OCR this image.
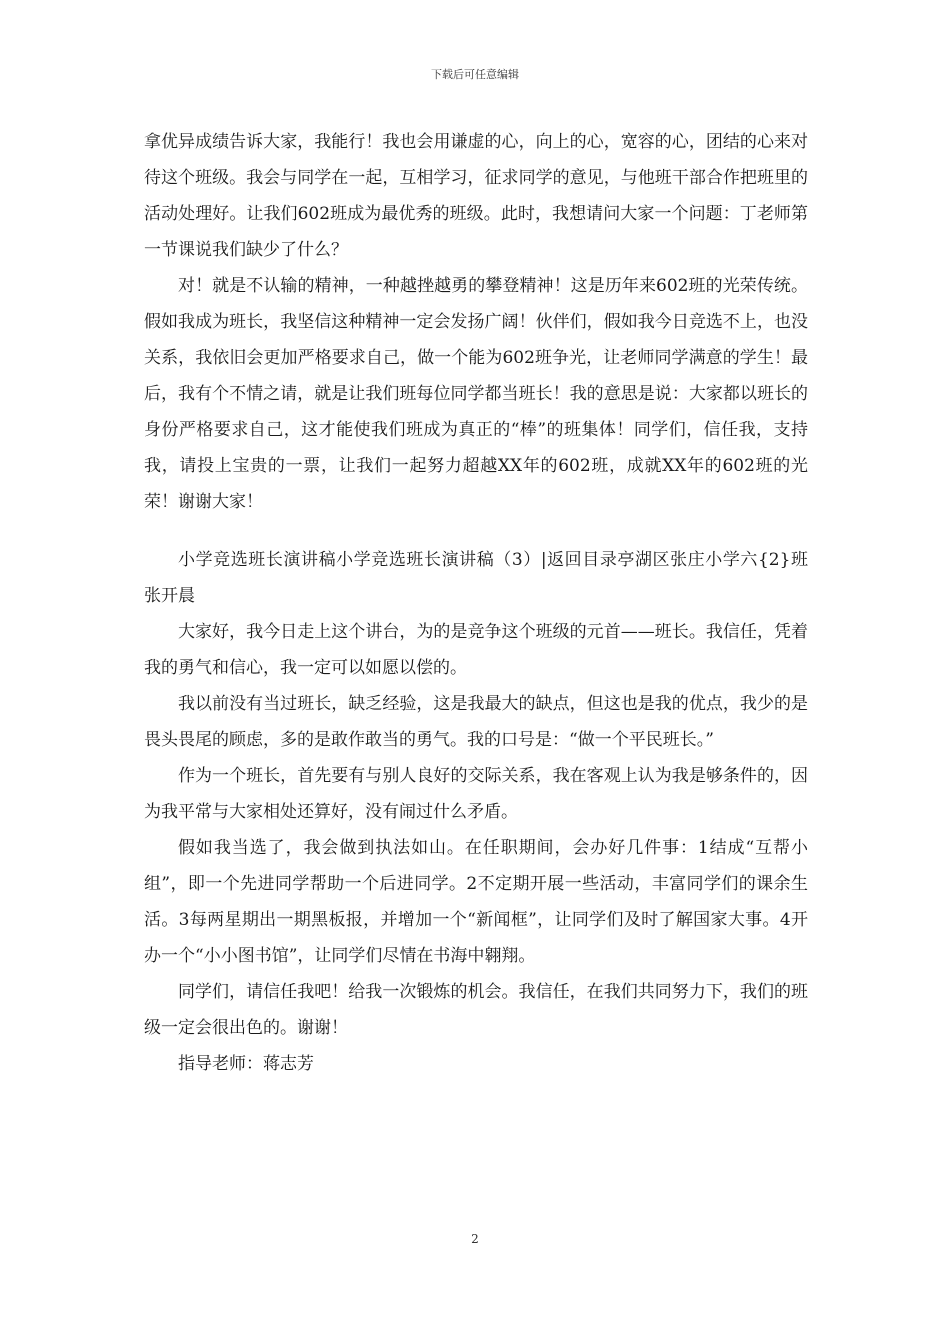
下载后可任意编辑

拿优异成绩告诉大家，我能行！我也会用谦虚的心，向上的心，宽容的心，团结的心来对待这个班级。我会与同学在一起，互相学习，征求同学的意见，与他班干部合作把班里的活动处理好。让我们602班成为最优秀的班级。此时，我想请问大家一个问题：丁老师第一节课说我们缺少了什么？

对！就是不认输的精神，一种越挫越勇的攀登精神！这是历年来602班的光荣传统。假如我成为班长，我坚信这种精神一定会发扬广阔！伙伴们，假如我今日竞选不上，也没关系，我依旧会更加严格要求自己，做一个能为602班争光，让老师同学满意的学生！最后，我有个不情之请，就是让我们班每位同学都当班长！我的意思是说：大家都以班长的身份严格要求自己，这才能使我们班成为真正的“棒”的班集体！同学们，信任我，支持我，请投上宝贵的一票，让我们一起努力超越XX年的602班，成就XX年的602班的光荣！谢谢大家！

小学竞选班长演讲稿小学竞选班长演讲稿（3）|返回目录亭湖区张庄小学六{2}班　张开晨

大家好，我今日走上这个讲台，为的是竞争这个班级的元首——班长。我信任，凭着我的勇气和信心，我一定可以如愿以偿的。

我以前没有当过班长，缺乏经验，这是我最大的缺点，但这也是我的优点，我少的是畏头畏尾的顾虑，多的是敢作敢当的勇气。我的口号是：“做一个平民班长。”

作为一个班长，首先要有与别人良好的交际关系，我在客观上认为我是够条件的，因为我平常与大家相处还算好，没有闹过什么矛盾。

假如我当选了，我会做到执法如山。在任职期间，会办好几件事：1结成“互帮小组”，即一个先进同学帮助一个后进同学。2不定期开展一些活动，丰富同学们的课余生活。3每两星期出一期黑板报，并增加一个“新闻框”，让同学们及时了解国家大事。4开办一个“小小图书馆”，让同学们尽情在书海中翱翔。

同学们，请信任我吧！给我一次锻炼的机会。我信任，在我们共同努力下，我们的班级一定会很出色的。谢谢！

指导老师：蒋志芳

2
